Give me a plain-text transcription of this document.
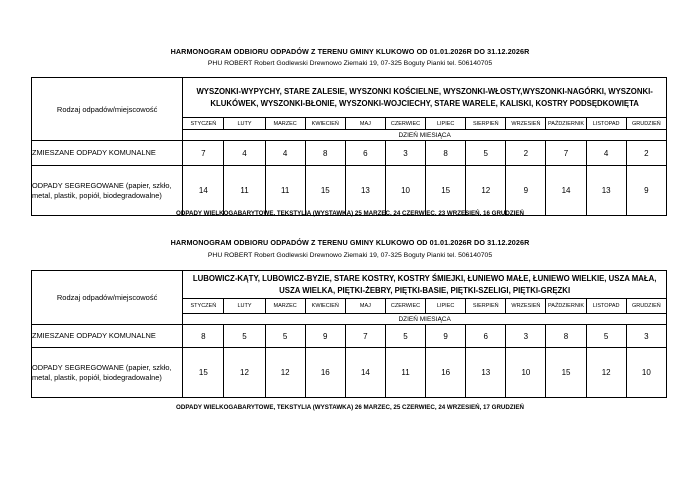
HARMONOGRAM ODBIORU ODPADÓW Z TERENU GMINY KLUKOWO OD 01.01.2026R DO 31.12.2026R
PHU ROBERT Robert Godlewski Drewnowo Ziemaki 19, 07-325 Boguty Pianki tel. 506140705
Rodzaj odpadów/miejscowość	WYSZONKI-WYPYCHY, STARE ZALESIE, WYSZONKI KOŚCIELNE, WYSZONKI-WŁOSTY,WYSZONKI-NAGÓRKI, WYSZONKI-KLUKÓWEK, WYSZONKI-BŁONIE, WYSZONKI-WOJCIECHY, STARE WARELE, KALISKI, KOSTRY PODSĘDKOWIĘTA											
	STYCZEŃ	LUTY	MARZEC	KWIECIEŃ	MAJ	CZERWIEC	LIPIEC	SIERPIEŃ	WRZESIEŃ	PAŹDZIERNIK	LISTOPAD	GRUDZIEŃ
	DZIEŃ MIESIĄCA											
ZMIESZANE ODPADY KOMUNALNE	7	4	4	8	6	3	8	5	2	7	4	2
ODPADY SEGREGOWANE (papier, szkło, metal, plastik, popiół, biodegradowalne)	14	11	11	15	13	10	15	12	9	14	13	9
ODPADY WIELKOGABARYTOWE, TEKSTYLIA (WYSTAWKA) 25 MARZEC, 24 CZERWIEC, 23 WRZESIEŃ, 16 GRUDZIEŃ
HARMONOGRAM ODBIORU ODPADÓW Z TERENU GMINY KLUKOWO OD 01.01.2026R DO 31.12.2026R
PHU ROBERT Robert Godlewski Drewnowo Ziemaki 19, 07-325 Boguty Pianki tel. 506140705
Rodzaj odpadów/miejscowość	LUBOWICZ-KĄTY, LUBOWICZ-BYZIE, STARE KOSTRY, KOSTRY ŚMIEJKI, ŁUNIEWO MAŁE, ŁUNIEWO WIELKIE, USZA MAŁA, USZA WIELKA, PIĘTKI-ŻEBRY, PIĘTKI-BASIE, PIĘTKI-SZELIGI, PIĘTKI-GRĘZKI											
	STYCZEŃ	LUTY	MARZEC	KWIECIEŃ	MAJ	CZERWIEC	LIPIEC	SIERPIEŃ	WRZESIEŃ	PAŹDZIERNIK	LISTOPAD	GRUDZIEŃ
	DZIEŃ MIESIĄCA											
ZMIESZANE ODPADY KOMUNALNE	8	5	5	9	7	5	9	6	3	8	5	3
ODPADY SEGREGOWANE (papier, szkło, metal, plastik, popiół, biodegradowalne)	15	12	12	16	14	11	16	13	10	15	12	10
ODPADY WIELKOGABARYTOWE, TEKSTYLIA (WYSTAWKA) 26 MARZEC, 25 CZERWIEC, 24 WRZESIEŃ, 17 GRUDZIEŃ
